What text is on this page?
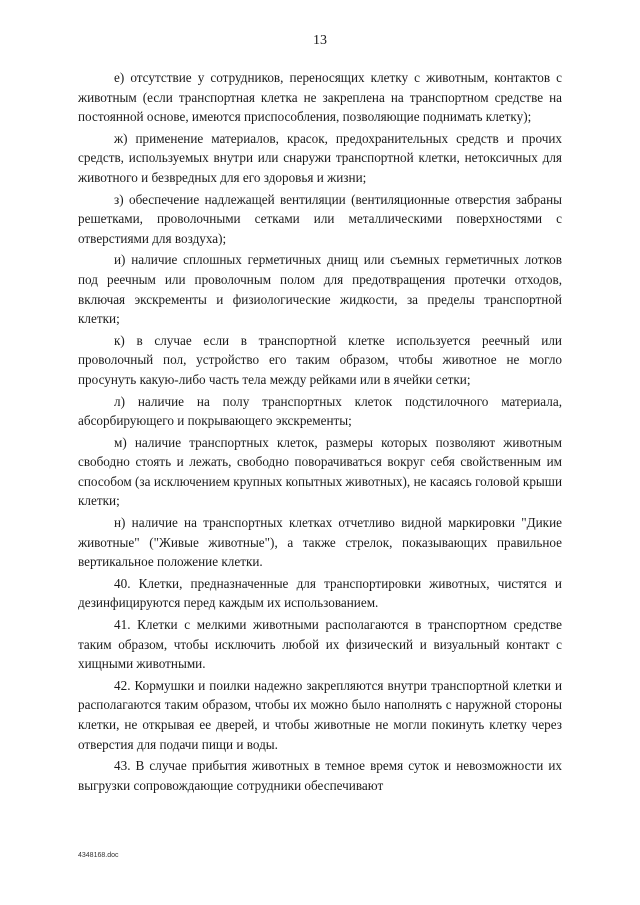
13

е) отсутствие у сотрудников, переносящих клетку с животным, контактов с животным (если транспортная клетка не закреплена на транспортном средстве на постоянной основе, имеются приспособления, позволяющие поднимать клетку);

ж) применение материалов, красок, предохранительных средств и прочих средств, используемых внутри или снаружи транспортной клетки, нетоксичных для животного и безвредных для его здоровья и жизни;

з) обеспечение надлежащей вентиляции (вентиляционные отверстия забраны решетками, проволочными сетками или металлическими поверхностями с отверстиями для воздуха);

и) наличие сплошных герметичных днищ или съемных герметичных лотков под реечным или проволочным полом для предотвращения протечки отходов, включая экскременты и физиологические жидкости, за пределы транспортной клетки;

к) в случае если в транспортной клетке используется реечный или проволочный пол, устройство его таким образом, чтобы животное не могло просунуть какую-либо часть тела между рейками или в ячейки сетки;

л) наличие на полу транспортных клеток подстилочного материала, абсорбирующего и покрывающего экскременты;

м) наличие транспортных клеток, размеры которых позволяют животным свободно стоять и лежать, свободно поворачиваться вокруг себя свойственным им способом (за исключением крупных копытных животных), не касаясь головой крыши клетки;

н) наличие на транспортных клетках отчетливо видной маркировки "Дикие животные" ("Живые животные"), а также стрелок, показывающих правильное вертикальное положение клетки.

40. Клетки, предназначенные для транспортировки животных, чистятся и дезинфицируются перед каждым их использованием.

41. Клетки с мелкими животными располагаются в транспортном средстве таким образом, чтобы исключить любой их физический и визуальный контакт с хищными животными.

42. Кормушки и поилки надежно закрепляются внутри транспортной клетки и располагаются таким образом, чтобы их можно было наполнять с наружной стороны клетки, не открывая ее дверей, и чтобы животные не могли покинуть клетку через отверстия для подачи пищи и воды.

43. В случае прибытия животных в темное время суток и невозможности их выгрузки сопровождающие сотрудники обеспечивают

4348168.doc
